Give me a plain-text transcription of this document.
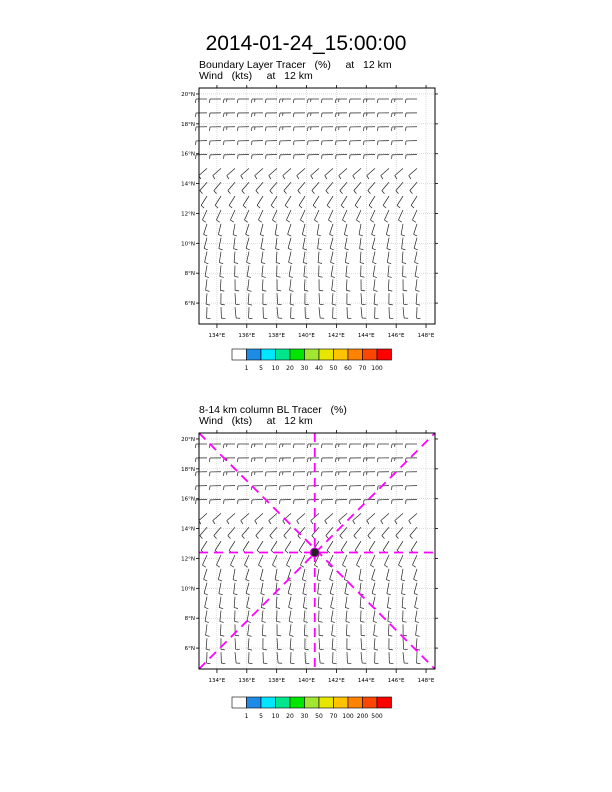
2014-01-24_15:00:00
Boundary Layer Tracer   (%)     at   12 km
Wind   (kts)     at   12 km
8-14 km column BL Tracer   (%)
Wind   (kts)     at   12 km
134°E 136°E 138°E 140°E 142°E 144°E 146°E 148°E
20°N
18°N
16°N
14°N
12°N
10°N
8°N
6°N
134°E 136°E 138°E 140°E 142°E 144°E 146°E 148°E
20°N
18°N
16°N
14°N
12°N
10°N
8°N
6°N
1 5 10 20 30 40 50 60 70 100
1 5 10 20 30 50 70 100 200 500
